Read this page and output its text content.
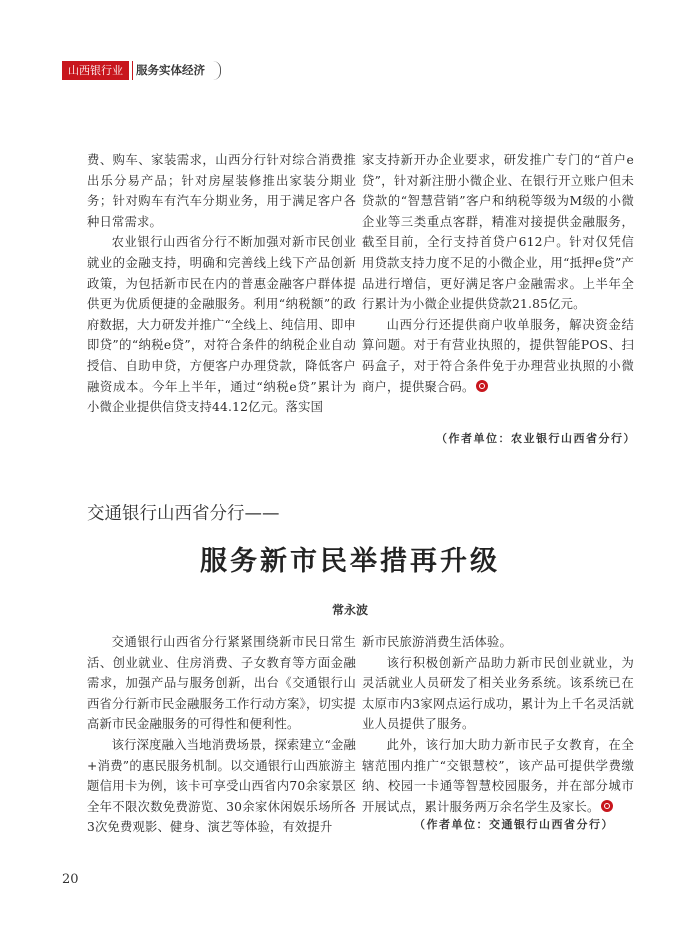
山西银行业	服务实体经济

费、购车、家装需求，山西分行针对综合消费推出乐分易产品；针对房屋装修推出家装分期业务；针对购车有汽车分期业务，用于满足客户各种日常需求。

农业银行山西省分行不断加强对新市民创业就业的金融支持，明确和完善线上线下产品创新政策，为包括新市民在内的普惠金融客户群体提供更为优质便捷的金融服务。利用“纳税额”的政府数据，大力研发并推广“全线上、纯信用、即申即贷”的“纳税e贷”，对符合条件的纳税企业自动授信、自助申贷，方便客户办理贷款，降低客户融资成本。今年上半年，通过“纳税e贷”累计为小微企业提供信贷支持44.12亿元。落实国

家支持新开办企业要求，研发推广专门的“首户e贷”，针对新注册小微企业、在银行开立账户但未贷款的“智慧营销”客户和纳税等级为M级的小微企业等三类重点客群，精准对接提供金融服务，截至目前，全行支持首贷户612户。针对仅凭信用贷款支持力度不足的小微企业，用“抵押e贷”产品进行增信，更好满足客户金融需求。上半年全行累计为小微企业提供贷款21.85亿元。

山西分行还提供商户收单服务，解决资金结算问题。对于有营业执照的，提供智能POS、扫码盒子，对于符合条件免于办理营业执照的小微商户，提供聚合码。

（作者单位：农业银行山西省分行）
交通银行山西省分行——
服务新市民举措再升级
常永波

交通银行山西省分行紧紧围绕新市民日常生活、创业就业、住房消费、子女教育等方面金融需求，加强产品与服务创新，出台《交通银行山西省分行新市民金融服务工作行动方案》，切实提高新市民金融服务的可得性和便利性。

该行深度融入当地消费场景，探索建立“金融+消费”的惠民服务机制。以交通银行山西旅游主题信用卡为例，该卡可享受山西省内70余家景区全年不限次数免费游览、30余家休闲娱乐场所各3次免费观影、健身、演艺等体验，有效提升

新市民旅游消费生活体验。

该行积极创新产品助力新市民创业就业，为灵活就业人员研发了相关业务系统。该系统已在太原市内3家网点运行成功，累计为上千名灵活就业人员提供了服务。

此外，该行加大助力新市民子女教育，在全辖范围内推广“交银慧校”，该产品可提供学费缴纳、校园一卡通等智慧校园服务，并在部分城市开展试点，累计服务两万余名学生及家长。

（作者单位：交通银行山西省分行）
20
